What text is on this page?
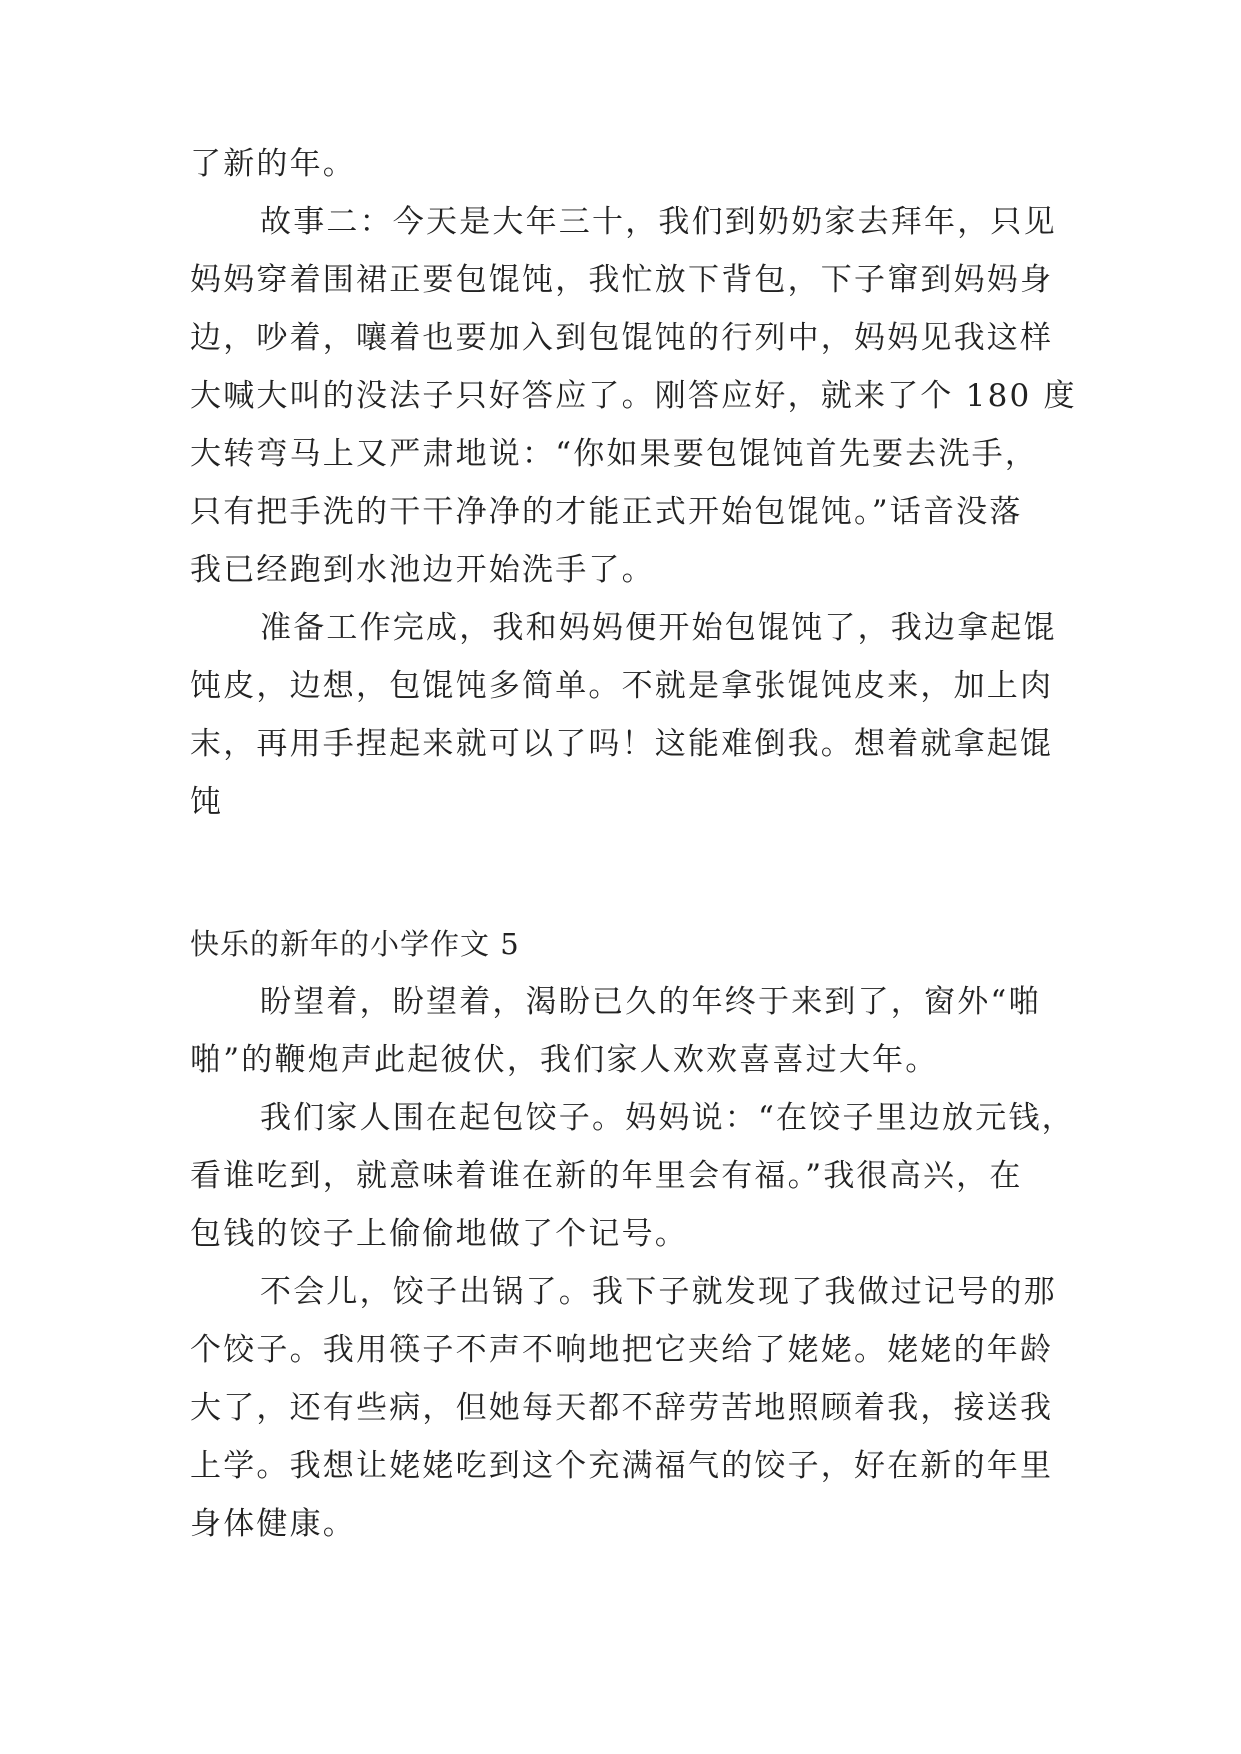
了新的年。
故事二：今天是大年三十，我们到奶奶家去拜年，只见
妈妈穿着围裙正要包馄饨，我忙放下背包，下子窜到妈妈身
边，吵着，嚷着也要加入到包馄饨的行列中，妈妈见我这样
大喊大叫的没法子只好答应了。刚答应好，就来了个 180 度
大转弯马上又严肃地说：“你如果要包馄饨首先要去洗手，
只有把手洗的干干净净的才能正式开始包馄饨。”话音没落
我已经跑到水池边开始洗手了。
准备工作完成，我和妈妈便开始包馄饨了，我边拿起馄
饨皮，边想，包馄饨多简单。不就是拿张馄饨皮来，加上肉
末，再用手捏起来就可以了吗！这能难倒我。想着就拿起馄
饨
快乐的新年的小学作文 5
盼望着，盼望着，渴盼已久的年终于来到了，窗外“啪
啪”的鞭炮声此起彼伏，我们家人欢欢喜喜过大年。
我们家人围在起包饺子。妈妈说：“在饺子里边放元钱，
看谁吃到，就意味着谁在新的年里会有福。”我很高兴，在
包钱的饺子上偷偷地做了个记号。
不会儿，饺子出锅了。我下子就发现了我做过记号的那
个饺子。我用筷子不声不响地把它夹给了姥姥。姥姥的年龄
大了，还有些病，但她每天都不辞劳苦地照顾着我，接送我
上学。我想让姥姥吃到这个充满福气的饺子，好在新的年里
身体健康。
